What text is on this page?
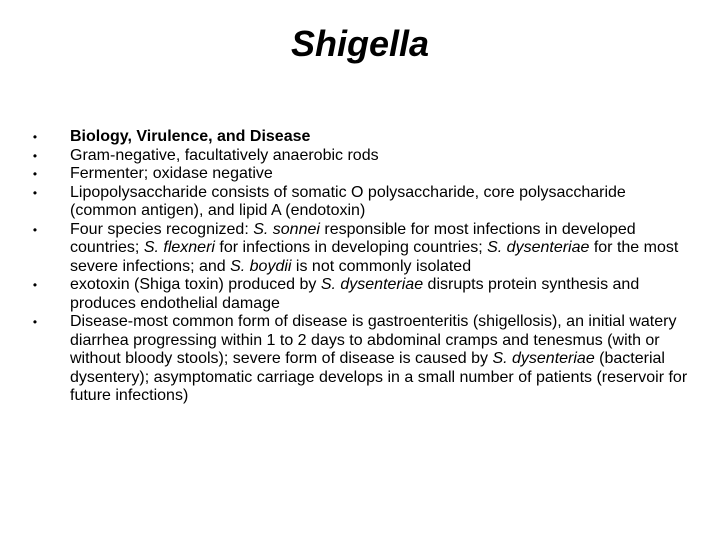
Shigella
• Biology, Virulence, and Disease
• Gram-negative, facultatively anaerobic rods
• Fermenter; oxidase negative
• Lipopolysaccharide consists of somatic O polysaccharide, core polysaccharide (common antigen), and lipid A (endotoxin)
• Four species recognized: S. sonnei responsible for most infections in developed countries; S. flexneri for infections in developing countries; S. dysenteriae for the most severe infections; and S. boydii is not commonly isolated
• exotoxin (Shiga toxin) produced by S. dysenteriae disrupts protein synthesis and produces endothelial damage
• Disease-most common form of disease is gastroenteritis (shigellosis), an initial watery diarrhea progressing within 1 to 2 days to abdominal cramps and tenesmus (with or without bloody stools); severe form of disease is caused by S. dysenteriae (bacterial dysentery); asymptomatic carriage develops in a small number of patients (reservoir for future infections)
